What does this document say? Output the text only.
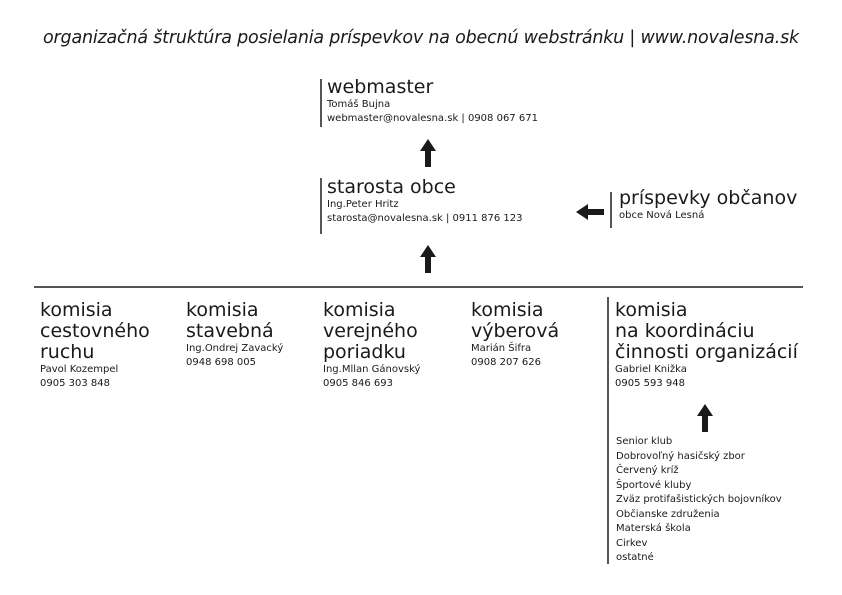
organizačná štruktúra posielania príspevkov na obecnú webstránku | www.novalesna.sk
webmaster
Tomáš Bujna
webmaster@novalesna.sk | 0908 067 671
starosta obce
Ing.Peter Hritz
starosta@novalesna.sk | 0911 876 123
príspevky občanov
obce Nová Lesná
komisia
cestovného
ruchu
Pavol Kozempel
0905 303 848
komisia
stavebná
Ing.Ondrej Zavacký
0948 698 005
komisia
verejného
poriadku
Ing.Mllan Gánovský
0905 846 693
komisia
výberová
Marián Šifra
0908 207 626
komisia
na koordináciu
činnosti organizácií
Gabriel Knižka
0905 593 948
Senior klub
Dobrovoľný hasičský zbor
Červený kríž
Športové kluby
Zväz protifašistických bojovníkov
Občianske združenia
Materská škola
Cirkev
ostatné
